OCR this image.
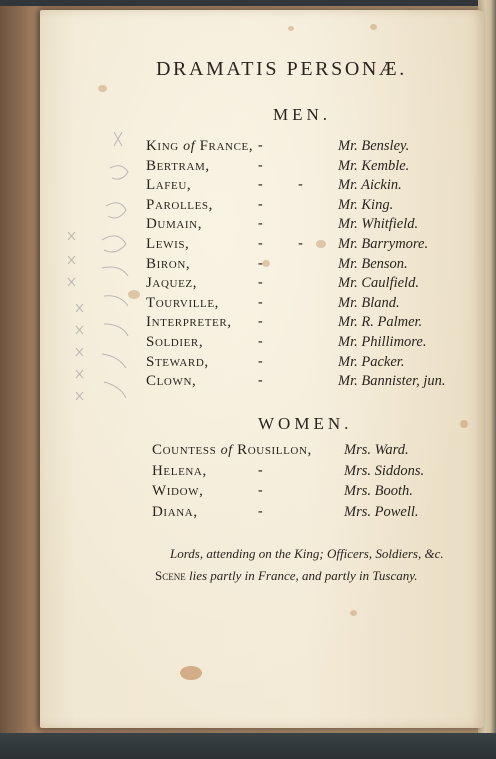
DRAMATIS PERSONÆ.
MEN.
King of France, -	Mr. Bensley.
Bertram,	-	Mr. Kemble.
Lafeu,	- - Mr. Aickin.
Parolles,	-	Mr. King.
Dumain,	-	Mr. Whitfield.
Lewis,	- - Mr. Barrymore.
Biron,	-	Mr. Benson.
Jaquez,	-	Mr. Caulfield.
Tourville,	-	Mr. Bland.
Interpreter, -	Mr. R. Palmer.
Soldier,	-	Mr. Phillimore.
Steward,	-	Mr. Packer.
Clown,	-	Mr. Bannister, jun.
WOMEN.
Countess of Rousillon, Mrs. Ward.
Helena,	-	Mrs. Siddons.
Widow,	-	Mrs. Booth.
Diana,	-	Mrs. Powell.
Lords, attending on the King; Officers, Soldiers, &c.
Scene lies partly in France, and partly in Tuscany.
